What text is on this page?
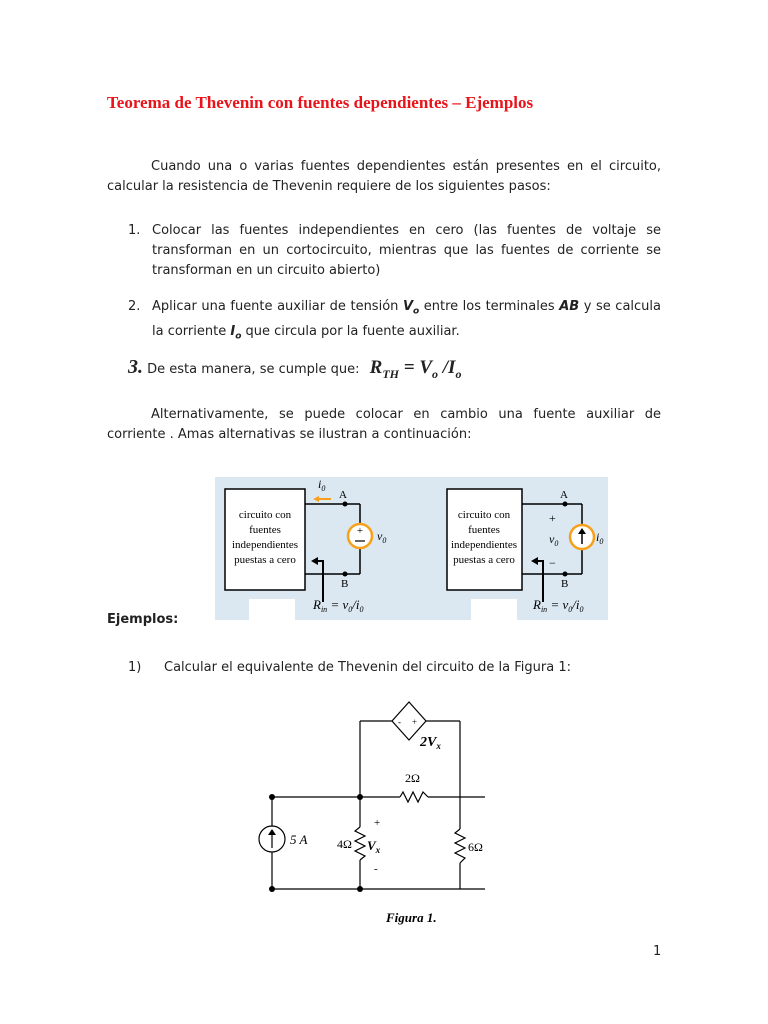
Teorema de Thevenin con fuentes dependientes – Ejemplos
Cuando una o varias fuentes dependientes están presentes en el circuito, calcular la resistencia de Thevenin requiere de los siguientes pasos:
1. Colocar las fuentes independientes en cero (las fuentes de voltaje se transforman en un cortocircuito, mientras que las fuentes de corriente se transforman en un circuito abierto)
2. Aplicar una fuente auxiliar de tensión $V_o$ entre los terminales AB y se calcula la corriente $I_o$ que circula por la fuente auxiliar.
3. De esta manera, se cumple que: $R_{TH} = V_o$ $/I_o$
Alternativamente, se puede colocar en cambio una fuente auxiliar de corriente . Amas alternativas se ilustran a continuación:
circuito con
fuentes
independientes
puestas a cero
A
B
+ $v_0$
$i_0$
$R_{in} = v_0/i_0$
circuito con
fuentes
independientes
puestas a cero
A
B
+
$v_0$
−
$i_0$
$R_{in} = v_0/i_0$
Ejemplos:
1) Calcular el equivalente de Thevenin del circuito de la Figura 1:
- +
$2V_x$
2Ω
4Ω
+
$V_x$
-
6Ω
5 A
Figura 1.
1
